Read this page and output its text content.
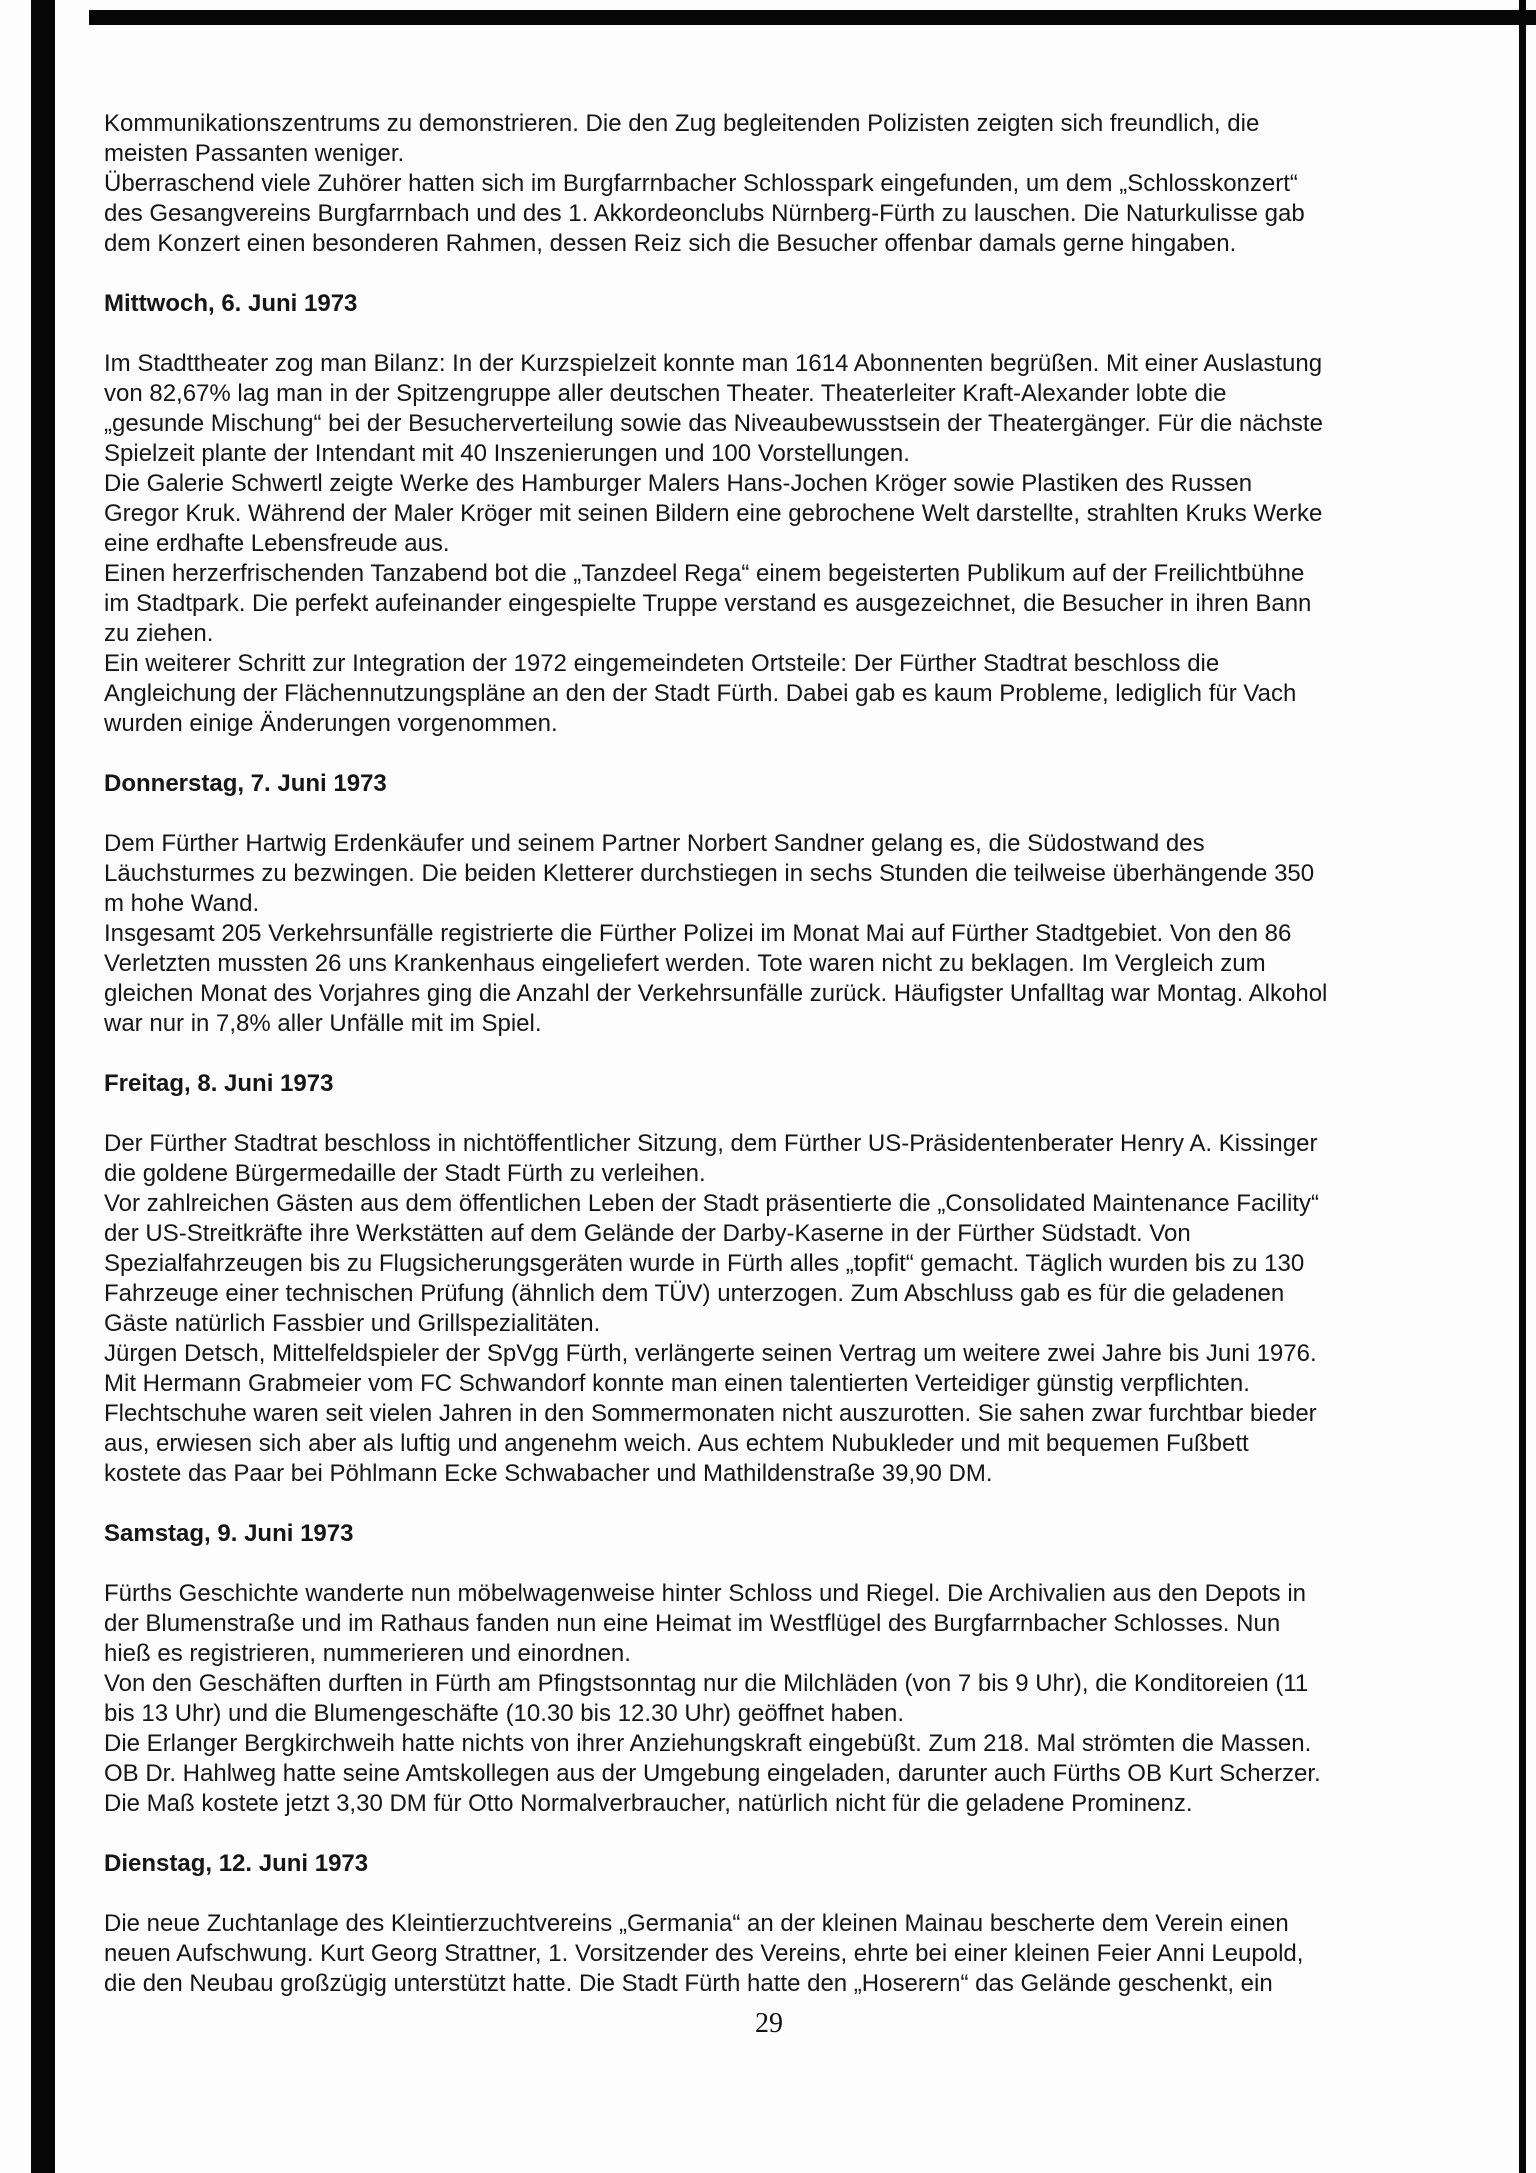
Kommunikationszentrums zu demonstrieren. Die den Zug begleitenden Polizisten zeigten sich freundlich, die
meisten Passanten weniger.
Überraschend viele Zuhörer hatten sich im Burgfarrnbacher Schlosspark eingefunden, um dem „Schlosskonzert“
des Gesangvereins Burgfarrnbach und des 1. Akkordeonclubs Nürnberg-Fürth zu lauschen. Die Naturkulisse gab
dem Konzert einen besonderen Rahmen, dessen Reiz sich die Besucher offenbar damals gerne hingaben.
Mittwoch, 6. Juni 1973
Im Stadttheater zog man Bilanz: In der Kurzspielzeit konnte man 1614 Abonnenten begrüßen. Mit einer Auslastung
von 82,67% lag man in der Spitzengruppe aller deutschen Theater. Theaterleiter Kraft-Alexander lobte die
„gesunde Mischung“ bei der Besucherverteilung sowie das Niveaubewusstsein der Theatergänger. Für die nächste
Spielzeit plante der Intendant mit 40 Inszenierungen und 100 Vorstellungen.
Die Galerie Schwertl zeigte Werke des Hamburger Malers Hans-Jochen Kröger sowie Plastiken des Russen
Gregor Kruk. Während der Maler Kröger mit seinen Bildern eine gebrochene Welt darstellte, strahlten Kruks Werke
eine erdhafte Lebensfreude aus.
Einen herzerfrischenden Tanzabend bot die „Tanzdeel Rega“ einem begeisterten Publikum auf der Freilichtbühne
im Stadtpark. Die perfekt aufeinander eingespielte Truppe verstand es ausgezeichnet, die Besucher in ihren Bann
zu ziehen.
Ein weiterer Schritt zur Integration der 1972 eingemeindeten Ortsteile: Der Fürther Stadtrat beschloss die
Angleichung der Flächennutzungspläne an den der Stadt Fürth. Dabei gab es kaum Probleme, lediglich für Vach
wurden einige Änderungen vorgenommen.
Donnerstag, 7. Juni 1973
Dem Fürther Hartwig Erdenkäufer und seinem Partner Norbert Sandner gelang es, die Südostwand des
Läuchsturmes zu bezwingen. Die beiden Kletterer durchstiegen in sechs Stunden die teilweise überhängende 350
m hohe Wand.
Insgesamt 205 Verkehrsunfälle registrierte die Fürther Polizei im Monat Mai auf Fürther Stadtgebiet. Von den 86
Verletzten mussten 26 uns Krankenhaus eingeliefert werden. Tote waren nicht zu beklagen. Im Vergleich zum
gleichen Monat des Vorjahres ging die Anzahl der Verkehrsunfälle zurück. Häufigster Unfalltag war Montag. Alkohol
war nur in 7,8% aller Unfälle mit im Spiel.
Freitag, 8. Juni 1973
Der Fürther Stadtrat beschloss in nichtöffentlicher Sitzung, dem Fürther US-Präsidentenberater Henry A. Kissinger
die goldene Bürgermedaille der Stadt Fürth zu verleihen.
Vor zahlreichen Gästen aus dem öffentlichen Leben der Stadt präsentierte die „Consolidated Maintenance Facility“
der US-Streitkräfte ihre Werkstätten auf dem Gelände der Darby-Kaserne in der Fürther Südstadt. Von
Spezialfahrzeugen bis zu Flugsicherungsgeräten wurde in Fürth alles „topfit“ gemacht. Täglich wurden bis zu 130
Fahrzeuge einer technischen Prüfung (ähnlich dem TÜV) unterzogen. Zum Abschluss gab es für die geladenen
Gäste natürlich Fassbier und Grillspezialitäten.
Jürgen Detsch, Mittelfeldspieler der SpVgg Fürth, verlängerte seinen Vertrag um weitere zwei Jahre bis Juni 1976.
Mit Hermann Grabmeier vom FC Schwandorf konnte man einen talentierten Verteidiger günstig verpflichten.
Flechtschuhe waren seit vielen Jahren in den Sommermonaten nicht auszurotten. Sie sahen zwar furchtbar bieder
aus, erwiesen sich aber als luftig und angenehm weich. Aus echtem Nubukleder und mit bequemen Fußbett
kostete das Paar bei Pöhlmann Ecke Schwabacher und Mathildenstraße 39,90 DM.
Samstag, 9. Juni 1973
Fürths Geschichte wanderte nun möbelwagenweise hinter Schloss und Riegel. Die Archivalien aus den Depots in
der Blumenstraße und im Rathaus fanden nun eine Heimat im Westflügel des Burgfarrnbacher Schlosses. Nun
hieß es registrieren, nummerieren und einordnen.
Von den Geschäften durften in Fürth am Pfingstsonntag nur die Milchläden (von 7 bis 9 Uhr), die Konditoreien (11
bis 13 Uhr) und die Blumengeschäfte (10.30 bis 12.30 Uhr) geöffnet haben.
Die Erlanger Bergkirchweih hatte nichts von ihrer Anziehungskraft eingebüßt. Zum 218. Mal strömten die Massen.
OB Dr. Hahlweg hatte seine Amtskollegen aus der Umgebung eingeladen, darunter auch Fürths OB Kurt Scherzer.
Die Maß kostete jetzt 3,30 DM für Otto Normalverbraucher, natürlich nicht für die geladene Prominenz.
Dienstag, 12. Juni 1973
Die neue Zuchtanlage des Kleintierzuchtvereins „Germania“ an der kleinen Mainau bescherte dem Verein einen
neuen Aufschwung. Kurt Georg Strattner, 1. Vorsitzender des Vereins, ehrte bei einer kleinen Feier Anni Leupold,
die den Neubau großzügig unterstützt hatte. Die Stadt Fürth hatte den „Hoserern“ das Gelände geschenkt, ein
29
